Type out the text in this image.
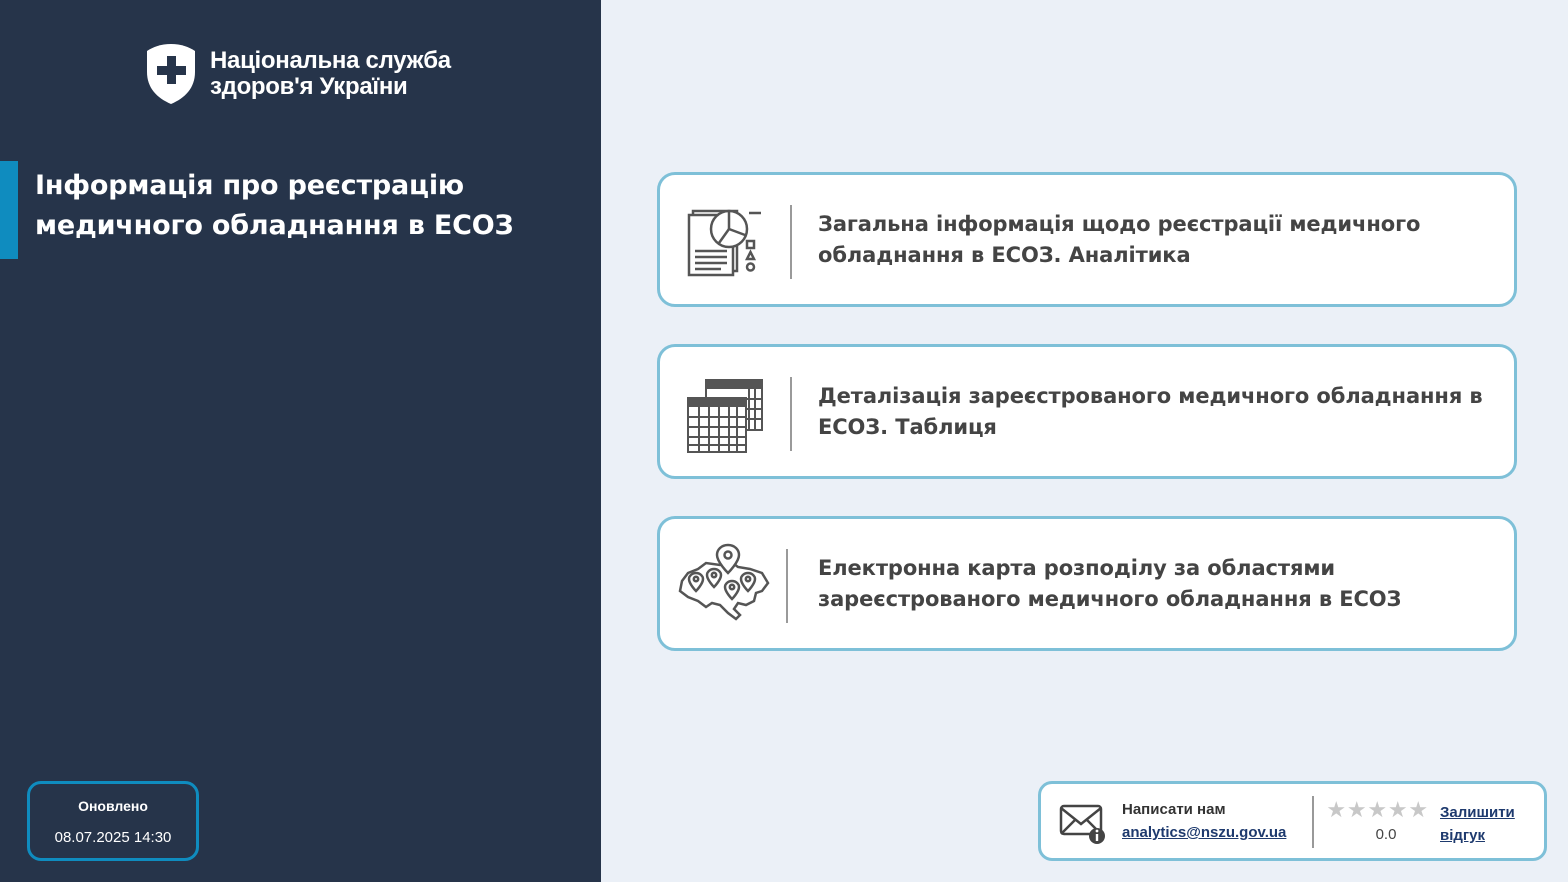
Національна служба
здоров'я України
Інформація про реєстрацію медичного обладнання в ЕСОЗ
Оновлено
08.07.2025 14:30
Загальна інформація щодо реєстрації медичного обладнання в ЕСОЗ. Аналітика
Деталізація зареєстрованого медичного обладнання в ЕСОЗ. Таблиця
Електронна карта розподілу за областями зареєстрованого медичного обладнання в ЕСОЗ
Написати нам
analytics@nszu.gov.ua
★ ★ ★ ★ ★
0.0
Залишити відгук
